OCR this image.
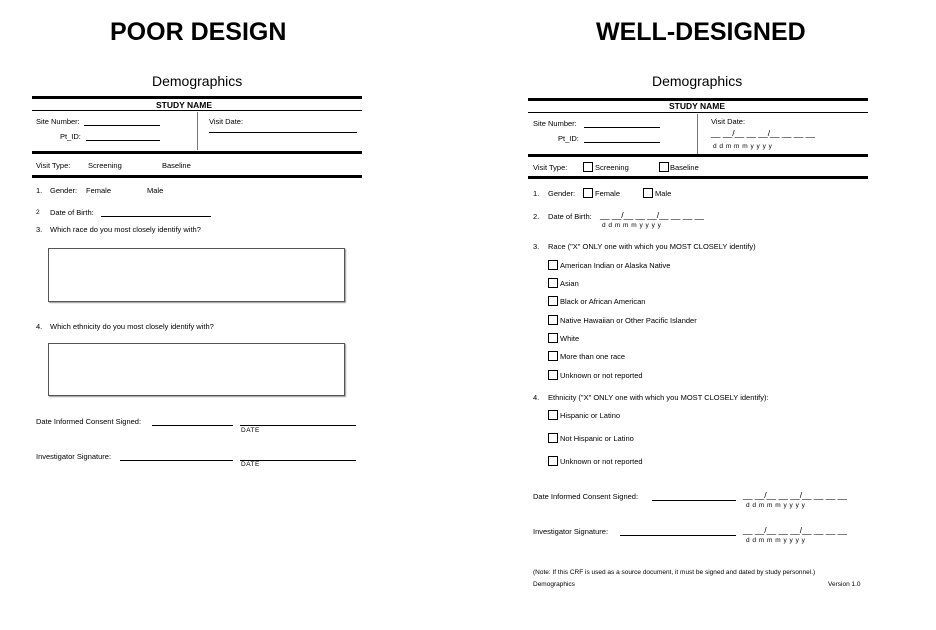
POOR DESIGN
Demographics
STUDY NAME
Site Number:
Pt_ID:
Visit Date:
Visit Type: Screening	Baseline
1. Gender: Female	Male
2 Date of Birth:
3. Which race do you most closely identify with?
4. Which ethnicity do you most closely identify with?
Date Informed Consent Signed:
DATE
Investigator Signature:
DATE
WELL-DESIGNED
Demographics
STUDY NAME
Site Number:
Pt_ID:
Visit Date:
__ __/__ __ __/__ __ __ __
d d m m m y y y y
Visit Type:	Screening	Baseline
1. Gender:	Female	Male
2. Date of Birth: __ __/__ __ __/__ __ __ __
d d m m m y y y y
3. Race ("X" ONLY one with which you MOST CLOSELY identify)
American Indian or Alaska Native
Asian
Black or African American
Native Hawaiian or Other Pacific Islander
White
More than one race
Unknown or not reported
4. Ethnicity ("X" ONLY one with which you MOST CLOSELY identify):
Hispanic or Latino
Not Hispanic or Latino
Unknown or not reported
Date Informed Consent Signed:	__ __/__ __ __/__ __ __ __
d d m m m y y y y
Investigator Signature:	__ __/__ __ __/__ __ __ __
d d m m m y y y y
(Note: If this CRF is used as a source document, it must be signed and dated by study personnel.)
Demographics	Version 1.0
